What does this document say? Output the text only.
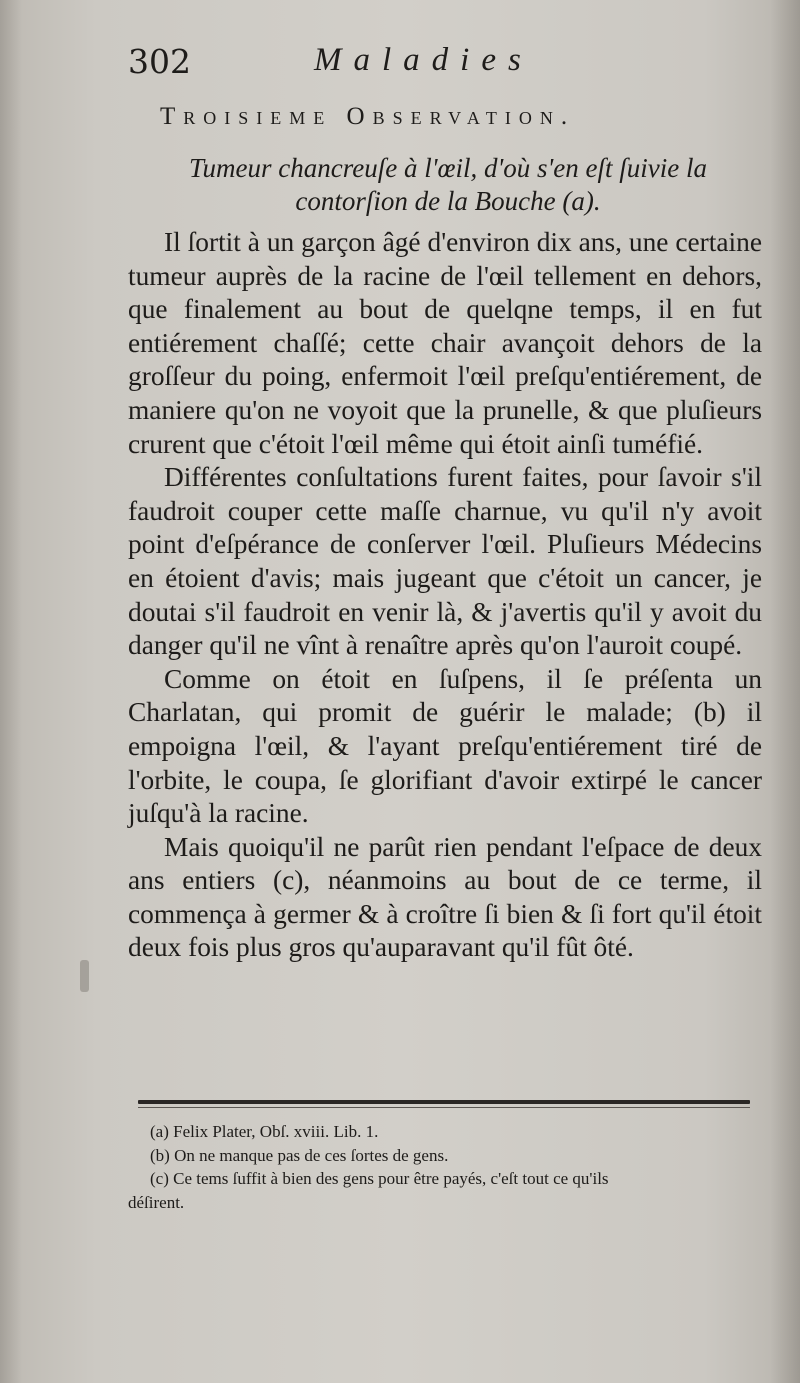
302	Maladies
Troisieme Observation.
Tumeur chancreuſe à l'œil, d'où s'en eſt ſuivie la
contorſion de la Bouche (a).

Il ſortit à un garçon âgé d'environ dix ans, une certaine tumeur auprès de la racine de l'œil tellement en dehors, que finalement au bout de quelqne temps, il en fut entiérement chaſſé; cette chair avançoit dehors de la groſſeur du poing, enfermoit l'œil preſqu'entiérement, de maniere qu'on ne voyoit que la prunelle, & que pluſieurs crurent que c'étoit l'œil même qui étoit ainſi tuméfié.

Différentes conſultations furent faites, pour ſavoir s'il faudroit couper cette maſſe charnue, vu qu'il n'y avoit point d'eſpérance de conſerver l'œil. Pluſieurs Médecins en étoient d'avis; mais jugeant que c'étoit un cancer, je doutai s'il faudroit en venir là, & j'avertis qu'il y avoit du danger qu'il ne vînt à renaître après qu'on l'auroit coupé.

Comme on étoit en ſuſpens, il ſe préſenta un Charlatan, qui promit de guérir le malade; (b) il empoigna l'œil, & l'ayant preſqu'entiérement tiré de l'orbite, le coupa, ſe glorifiant d'avoir extirpé le cancer juſqu'à la racine.

Mais quoiqu'il ne parût rien pendant l'eſpace de deux ans entiers (c), néanmoins au bout de ce terme, il commença à germer & à croître ſi bien & ſi fort qu'il étoit deux fois plus gros qu'auparavant qu'il fût ôté.

(a) Felix Plater, Obſ. xviii. Lib. 1.

(b) On ne manque pas de ces ſortes de gens.

(c) Ce tems ſuffit à bien des gens pour être payés, c'eſt tout ce qu'ils

déſirent.
